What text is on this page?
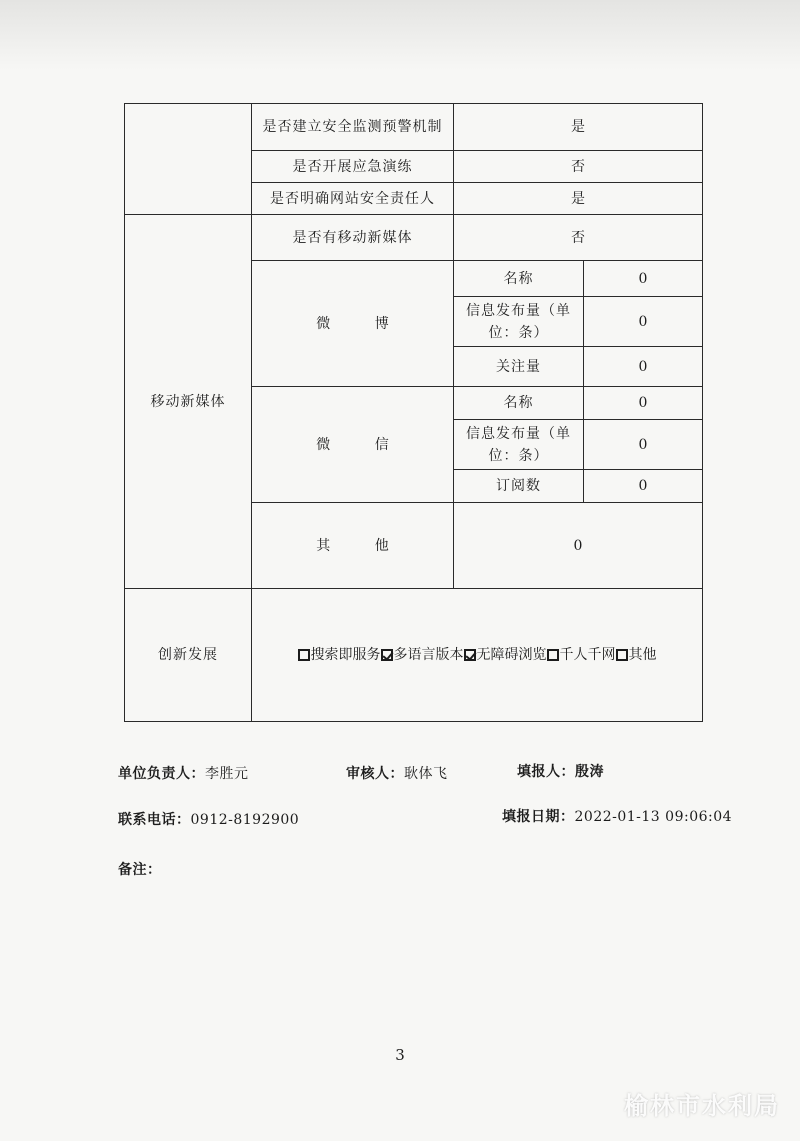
	是否建立安全监测预警机制	是	
	是否开展应急演练	否	
	是否明确网站安全责任人	是	
移动新媒体	是否有移动新媒体	否	
	微 博	名称	0
		信息发布量（单位：条）	0
		关注量	0
	微 信	名称	0
		信息发布量（单位：条）	0
		订阅数	0
	其 他	0	
创新发展	搜索即服务 多语言版本 无障碍浏览 千人千网 其他		
单位负责人：李胜元	审核人：耿体飞	填报人：殷涛
联系电话：0912-8192900	填报日期：2022-01-13 09:06:04
备注：
3
榆林市水利局
